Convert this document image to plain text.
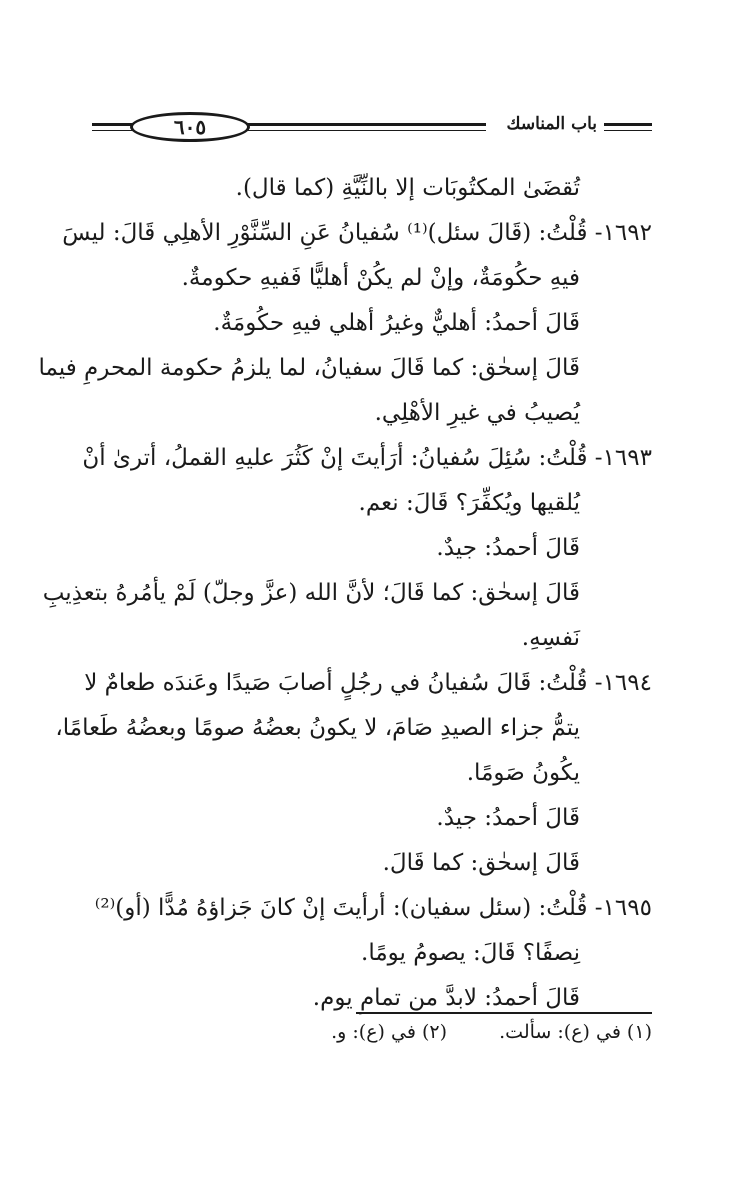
٦٠٥	باب المناسك
تُقضَىٰ المكتُوبَات إلا بالنِّيَّةِ (كما قال).
١٦٩٢- قُلْتُ: (قَالَ سئل)⁽¹⁾ سُفيانُ عَنِ السِّنَّوْرِ الأهلِي قَالَ: ليسَ
فيهِ حكُومَةٌ، وإنْ لم يكُنْ أهليًّا فَفيهِ حكومةٌ.
قَالَ أحمدُ: أهليٌّ وغيرُ أهلي فيهِ حكُومَةٌ.
قَالَ إسحٰق: كما قَالَ سفيانُ، لما يلزمُ حكومة المحرمِ فيما
يُصيبُ في غيرِ الأهْلِي.
١٦٩٣- قُلْتُ: سُئِلَ سُفيانُ: أرَأيتَ إنْ كَثُرَ عليهِ القملُ، أترىٰ أنْ
يُلقيها ويُكفِّرَ؟ قَالَ: نعم.
قَالَ أحمدُ: جيدٌ.
قَالَ إسحٰق: كما قَالَ؛ لأنَّ الله (عزَّ وجلّ) لَمْ يأمُرهُ بتعذِيبِ
نَفسِهِ.
١٦٩٤- قُلْتُ: قَالَ سُفيانُ في رجُلٍ أصابَ صَيدًا وعَندَه طعامٌ لا
يتمُّ جزاء الصيدِ صَامَ، لا يكونُ بعضُهُ صومًا وبعضُهُ طَعامًا،
يكُونُ صَومًا.
قَالَ أحمدُ: جيدٌ.
قَالَ إسحٰق: كما قَالَ.
١٦٩٥- قُلْتُ: (سئل سفيان): أرأيتَ إنْ كانَ جَزاؤهُ مُدًّا (أو)⁽²⁾
نِصفًا؟ قَالَ: يصومُ يومًا.
قَالَ أحمدُ: لابدَّ من تمامِ يوم.
(١) في (ع): سألت.
(٢) في (ع): و.
